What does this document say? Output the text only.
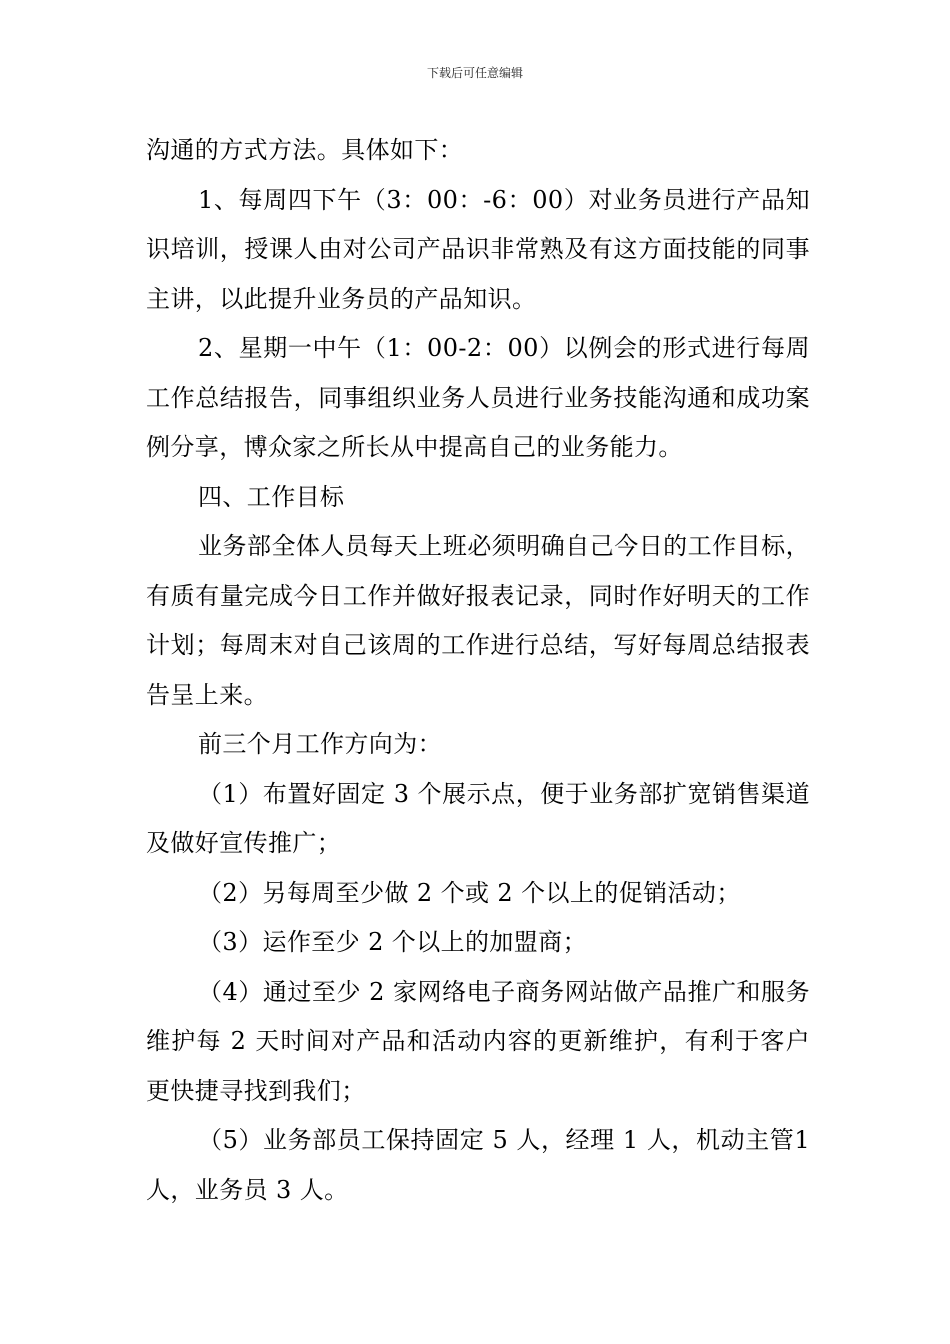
下载后可任意编辑

沟通的方式方法。具体如下：

1、每周四下午（3：00：-6：00）对业务员进行产品知识培训，授课人由对公司产品识非常熟及有这方面技能的同事主讲，以此提升业务员的产品知识。

2、星期一中午（1：00-2：00）以例会的形式进行每周工作总结报告，同事组织业务人员进行业务技能沟通和成功案例分享，博众家之所长从中提高自己的业务能力。

四、工作目标

业务部全体人员每天上班必须明确自己今日的工作目标，有质有量完成今日工作并做好报表记录，同时作好明天的工作计划；每周末对自己该周的工作进行总结，写好每周总结报表告呈上来。

前三个月工作方向为：

（1）布置好固定 3 个展示点，便于业务部扩宽销售渠道及做好宣传推广；

（2）另每周至少做 2 个或 2 个以上的促销活动；

（3）运作至少 2 个以上的加盟商；

（4）通过至少 2 家网络电子商务网站做产品推广和服务维护每 2 天时间对产品和活动内容的更新维护，有利于客户更快捷寻找到我们；

（5）业务部员工保持固定 5 人，经理 1 人，机动主管1 人，业务员 3 人。
